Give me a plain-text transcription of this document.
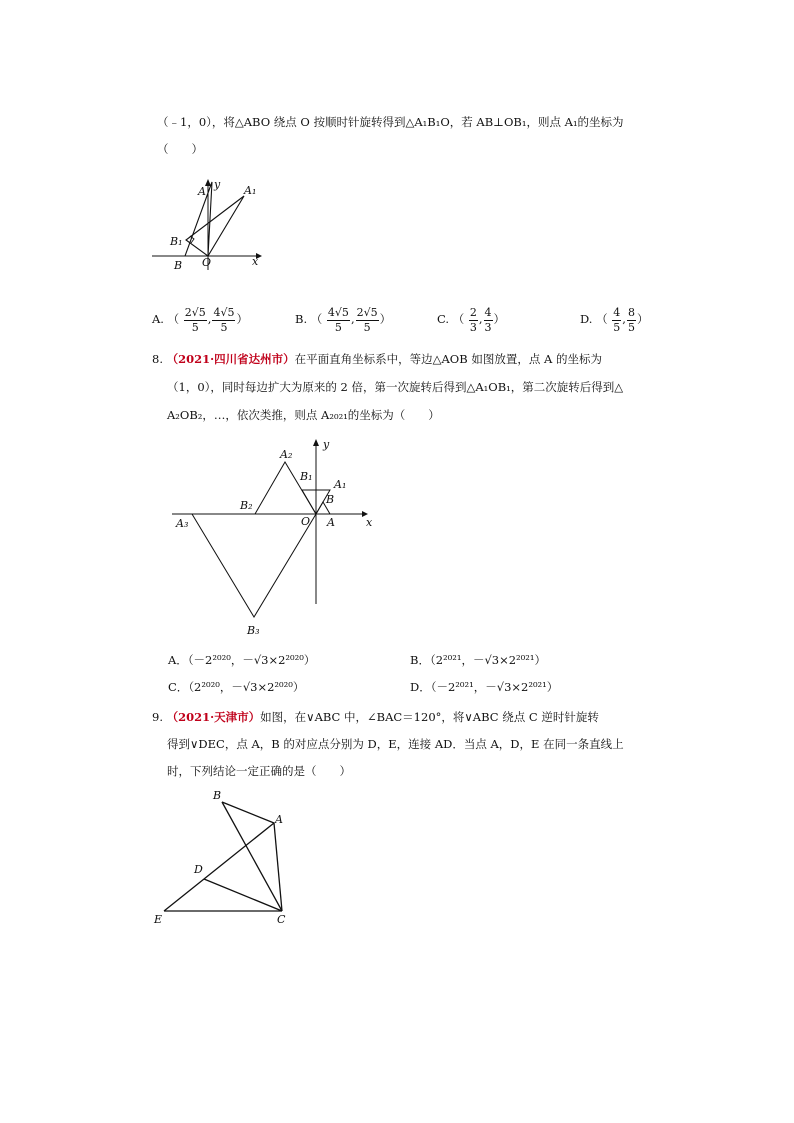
（﹣1，0），将△ABO 绕点 O 按顺时针旋转得到△A₁B₁O，若 AB⊥OB₁，则点 A₁的坐标为
（　　）
A
y A₁
B₁
B O	x
A. （ $\frac{2√5}{5}$ , $\frac{4√5}{5}$ ）	B. （ $\frac{4√5}{5}$ , $\frac{2√5}{5}$ ）	C. （ $\frac{2}{3}$ , $\frac{4}{3}$ ）	D. （ $\frac{4}{5}$ , $\frac{8}{5}$ ）
8. （2021·四川省达州市）在平面直角坐标系中，等边△AOB 如图放置，点 A 的坐标为
（1，0），同时每边扩大为原来的 2 倍，第一次旋转后得到△A₁OB₁，第二次旋转后得到△
A₂OB₂，…，依次类推，则点 A₂₀₂₁的坐标为（　　）
y
A₂
B₁
A₁
B
B₂
A₃	O A	x
B₃
A．（－2²⁰²⁰，－√3×2²⁰²⁰）	B．（2²⁰²¹，－√3×2²⁰²¹）
C．（2²⁰²⁰，－√3×2²⁰²⁰）	D．（－2²⁰²¹，－√3×2²⁰²¹）
9. （2021·天津市）如图，在∨ABC 中，∠BAC＝120°，将∨ABC 绕点 C 逆时针旋转
得到∨DEC，点 A，B 的对应点分别为 D，E，连接 AD．当点 A，D，E 在同一条直线上
时，下列结论一定正确的是（　　）
B
A
D
E	C
